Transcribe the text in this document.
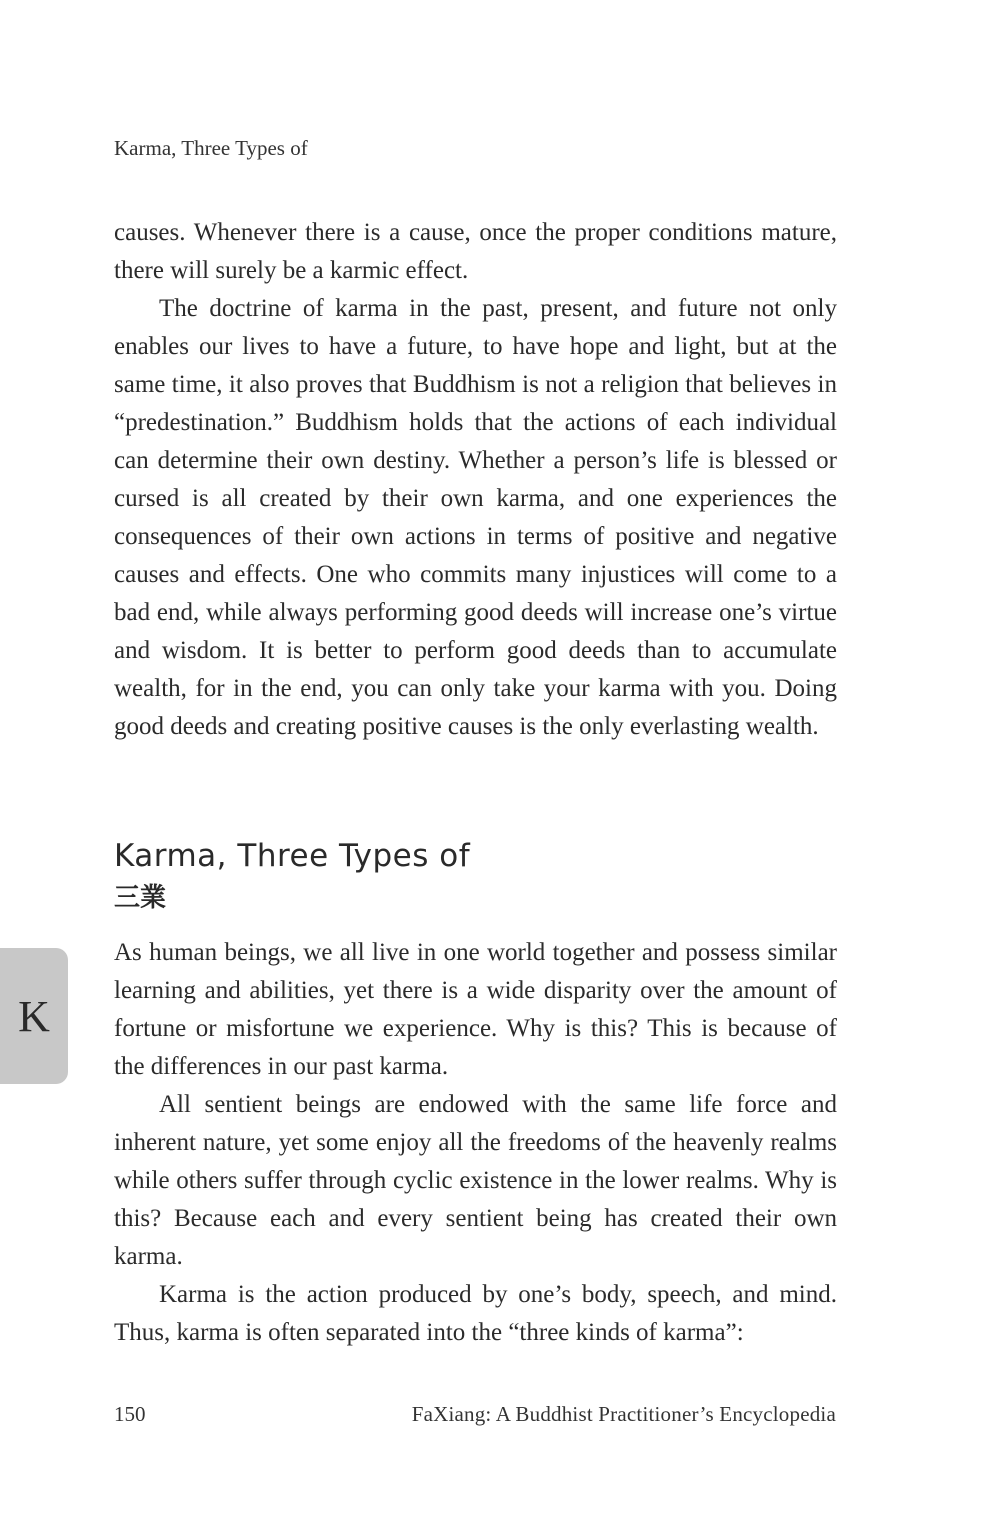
Karma, Three Types of

causes. Whenever there is a cause, once the proper conditions mature, there will surely be a karmic effect.

The doctrine of karma in the past, present, and future not only enables our lives to have a future, to have hope and light, but at the same time, it also proves that Buddhism is not a religion that believes in “predestination.” Buddhism holds that the actions of each individual can determine their own destiny. Whether a person’s life is blessed or cursed is all created by their own karma, and one experiences the consequences of their own actions in terms of positive and negative causes and effects. One who commits many injustices will come to a bad end, while always performing good deeds will increase one’s virtue and wisdom. It is better to perform good deeds than to accumulate wealth, for in the end, you can only take your karma with you. Doing good deeds and creating positive causes is the only everlasting wealth.

Karma, Three Types of
三業

As human beings, we all live in one world together and possess similar learning and abilities, yet there is a wide disparity over the amount of fortune or misfortune we experience. Why is this? This is because of the differences in our past karma.

All sentient beings are endowed with the same life force and inherent nature, yet some enjoy all the freedoms of the heavenly realms while others suffer through cyclic existence in the lower realms. Why is this? Because each and every sentient being has created their own karma.

Karma is the action produced by one’s body, speech, and mind. Thus, karma is often separated into the “three kinds of karma”:

K
150	FaXiang: A Buddhist Practitioner’s Encyclopedia
